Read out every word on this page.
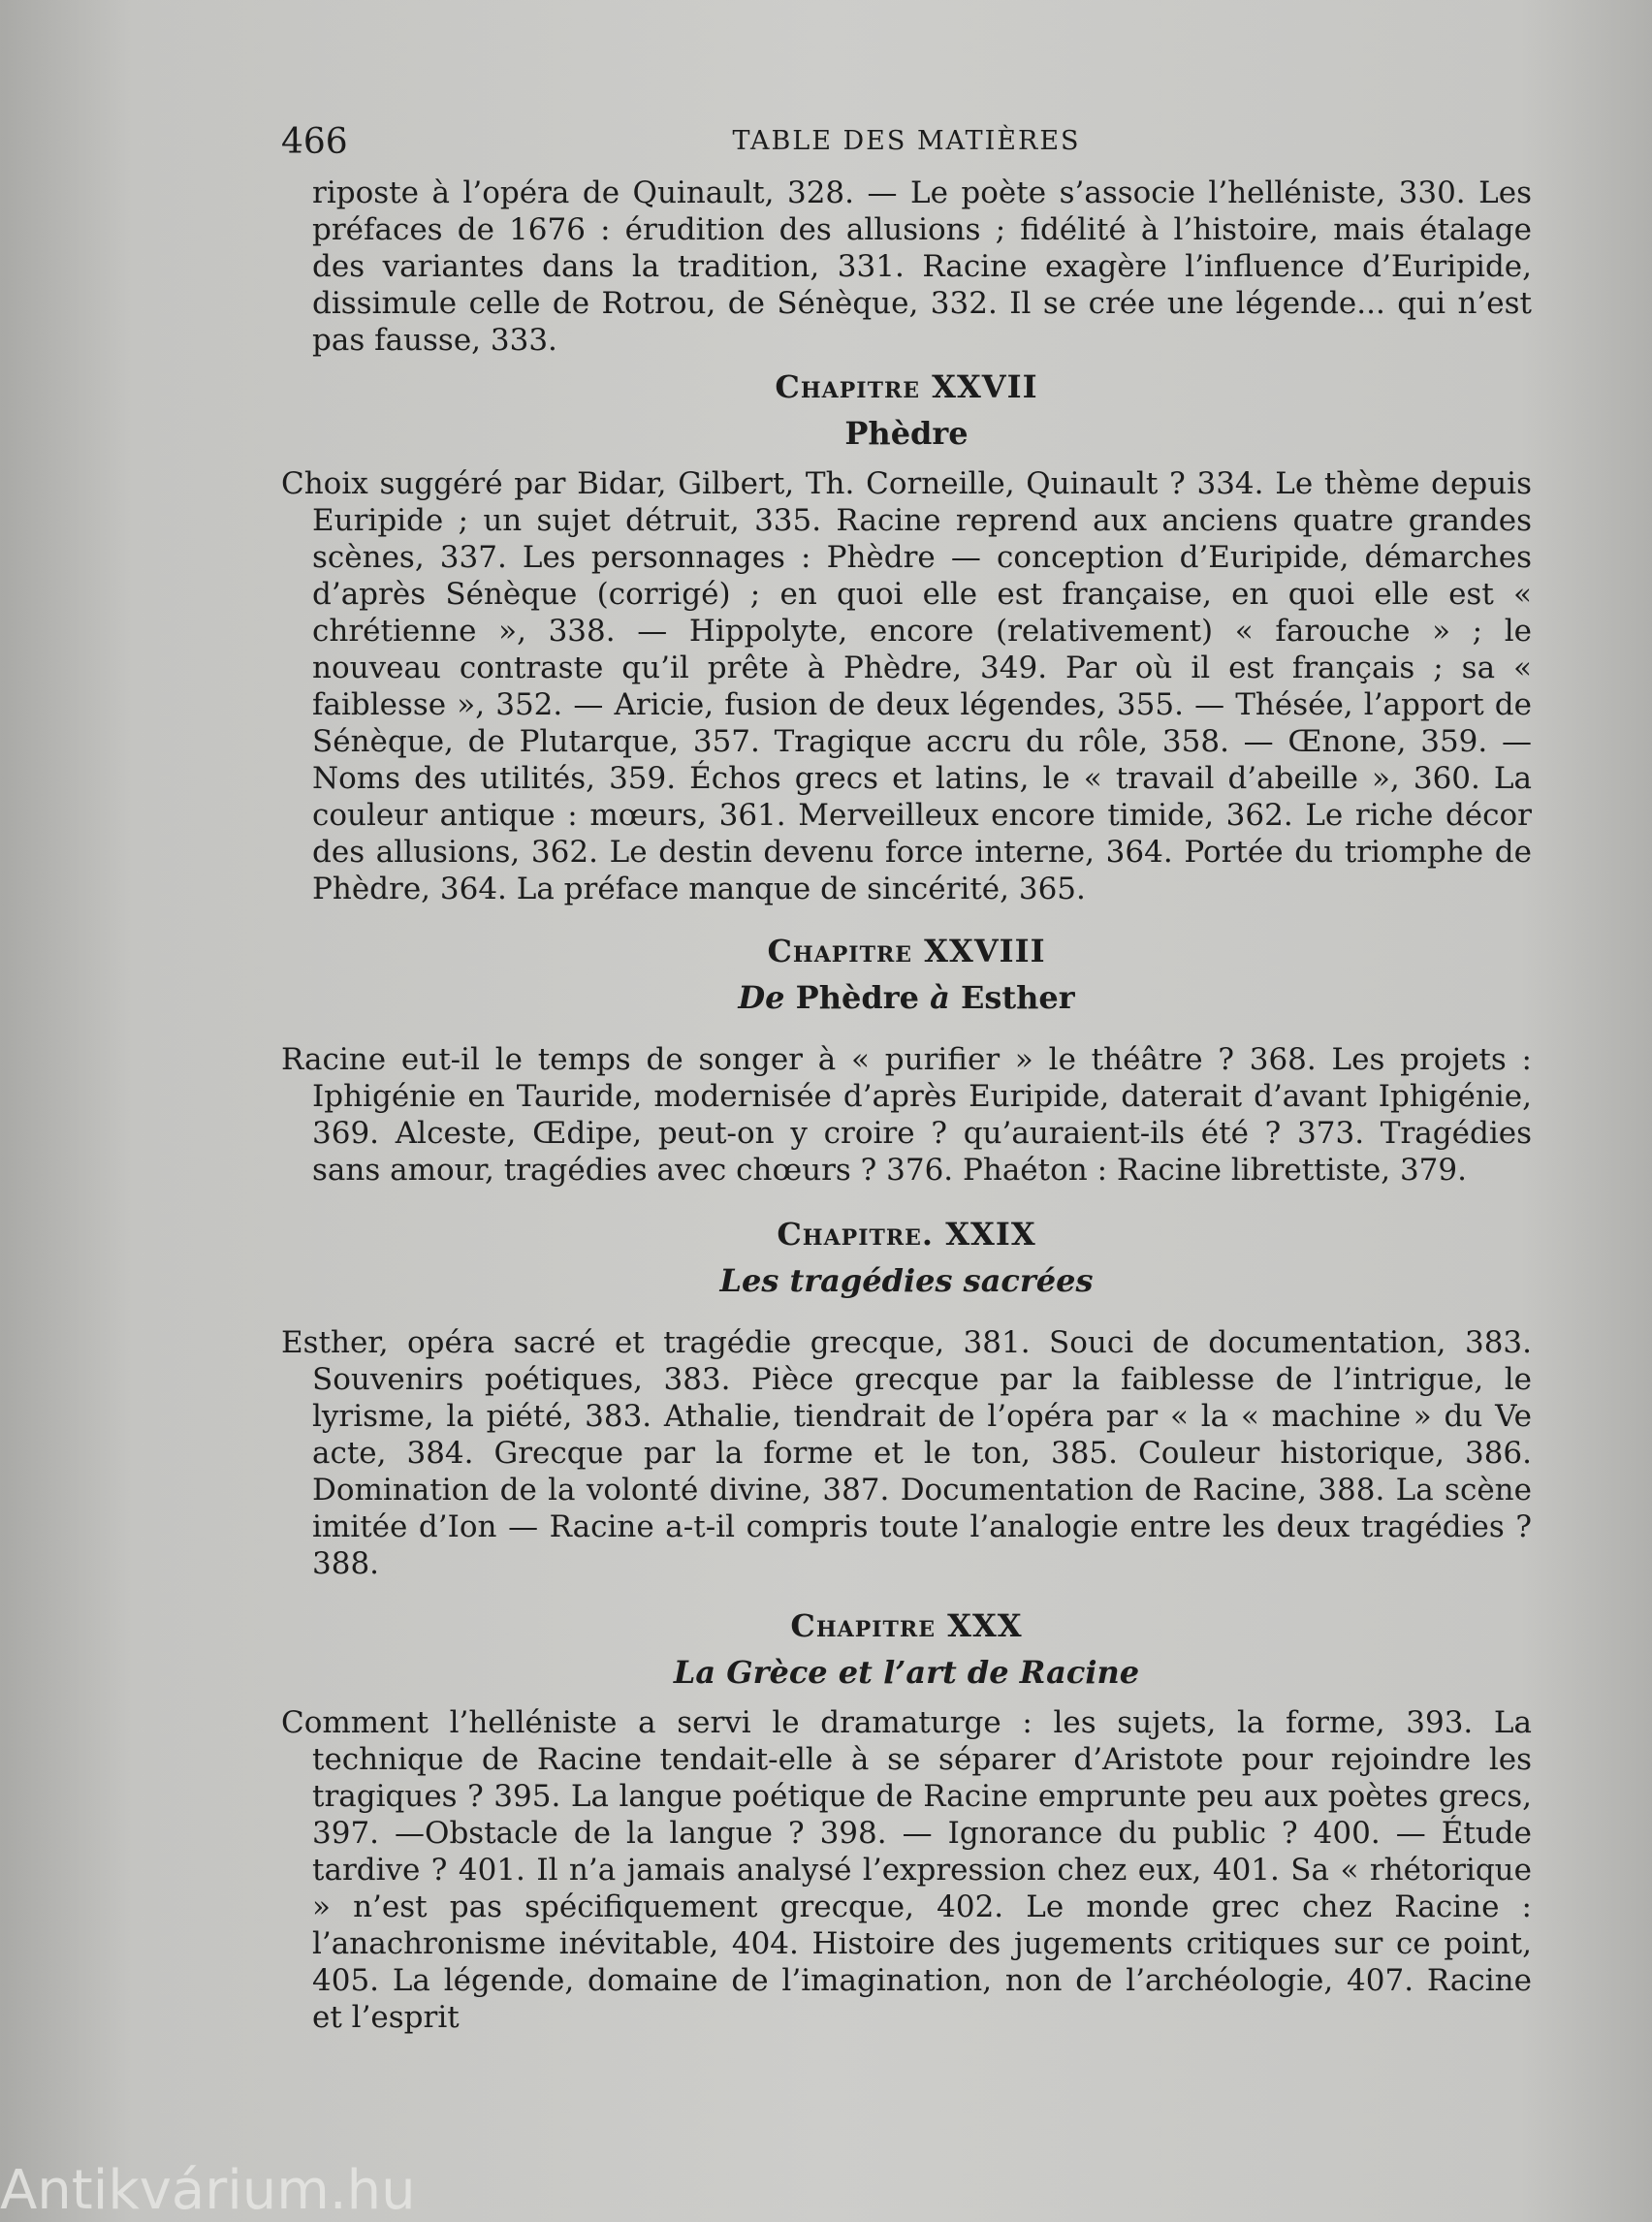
466	TABLE DES MATIÈRES

riposte à l’opéra de Quinault, 328. — Le poète s’associe l’helléniste, 330. Les préfaces de 1676 : érudition des allusions ; fidélité à l’histoire, mais étalage des variantes dans la tradition, 331. Racine exagère l’influence d’Euripide, dissimule celle de Rotrou, de Sénèque, 332. Il se crée une légende... qui n’est pas fausse, 333.

Chapitre XXVII
Phèdre

Choix suggéré par Bidar, Gilbert, Th. Corneille, Quinault ? 334. Le thème depuis Euripide ; un sujet détruit, 335. Racine reprend aux anciens quatre grandes scènes, 337. Les personnages : Phèdre — conception d’Euripide, démarches d’après Sénèque (corrigé) ; en quoi elle est française, en quoi elle est « chrétienne », 338. — Hippolyte, encore (relativement) « farouche » ; le nouveau contraste qu’il prête à Phèdre, 349. Par où il est français ; sa « faiblesse », 352. — Aricie, fusion de deux légendes, 355. — Thésée, l’apport de Sénèque, de Plutarque, 357. Tragique accru du rôle, 358. — Œnone, 359. — Noms des utilités, 359. Échos grecs et latins, le « travail d’abeille », 360. La couleur antique : mœurs, 361. Merveilleux encore timide, 362. Le riche décor des allusions, 362. Le destin devenu force interne, 364. Portée du triomphe de Phèdre, 364. La préface manque de sincérité, 365.

Chapitre XXVIII
De Phèdre à Esther

Racine eut-il le temps de songer à « purifier » le théâtre ? 368. Les projets : Iphigénie en Tauride, modernisée d’après Euripide, daterait d’avant Iphigénie, 369. Alceste, Œdipe, peut-on y croire ? qu’auraient-ils été ? 373. Tragédies sans amour, tragédies avec chœurs ? 376. Phaéton : Racine librettiste, 379.

Chapitre. XXIX
Les tragédies sacrées

Esther, opéra sacré et tragédie grecque, 381. Souci de documentation, 383. Souvenirs poétiques, 383. Pièce grecque par la faiblesse de l’intrigue, le lyrisme, la piété, 383. Athalie, tiendrait de l’opéra par « la « machine » du Ve acte, 384. Grecque par la forme et le ton, 385. Couleur historique, 386. Domination de la volonté divine, 387. Documentation de Racine, 388. La scène imitée d’Ion — Racine a-t-il compris toute l’analogie entre les deux tragédies ? 388.

Chapitre XXX
La Grèce et l’art de Racine

Comment l’helléniste a servi le dramaturge : les sujets, la forme, 393. La technique de Racine tendait-elle à se séparer d’Aristote pour rejoindre les tragiques ? 395. La langue poétique de Racine emprunte peu aux poètes grecs, 397. —Obstacle de la langue ? 398. — Ignorance du public ? 400. — Étude tardive ? 401. Il n’a jamais analysé l’expression chez eux, 401. Sa « rhétorique » n’est pas spécifiquement grecque, 402. Le monde grec chez Racine : l’anachronisme inévitable, 404. Histoire des jugements critiques sur ce point, 405. La légende, domaine de l’imagination, non de l’archéologie, 407. Racine et l’esprit

Antikvárium.hu
